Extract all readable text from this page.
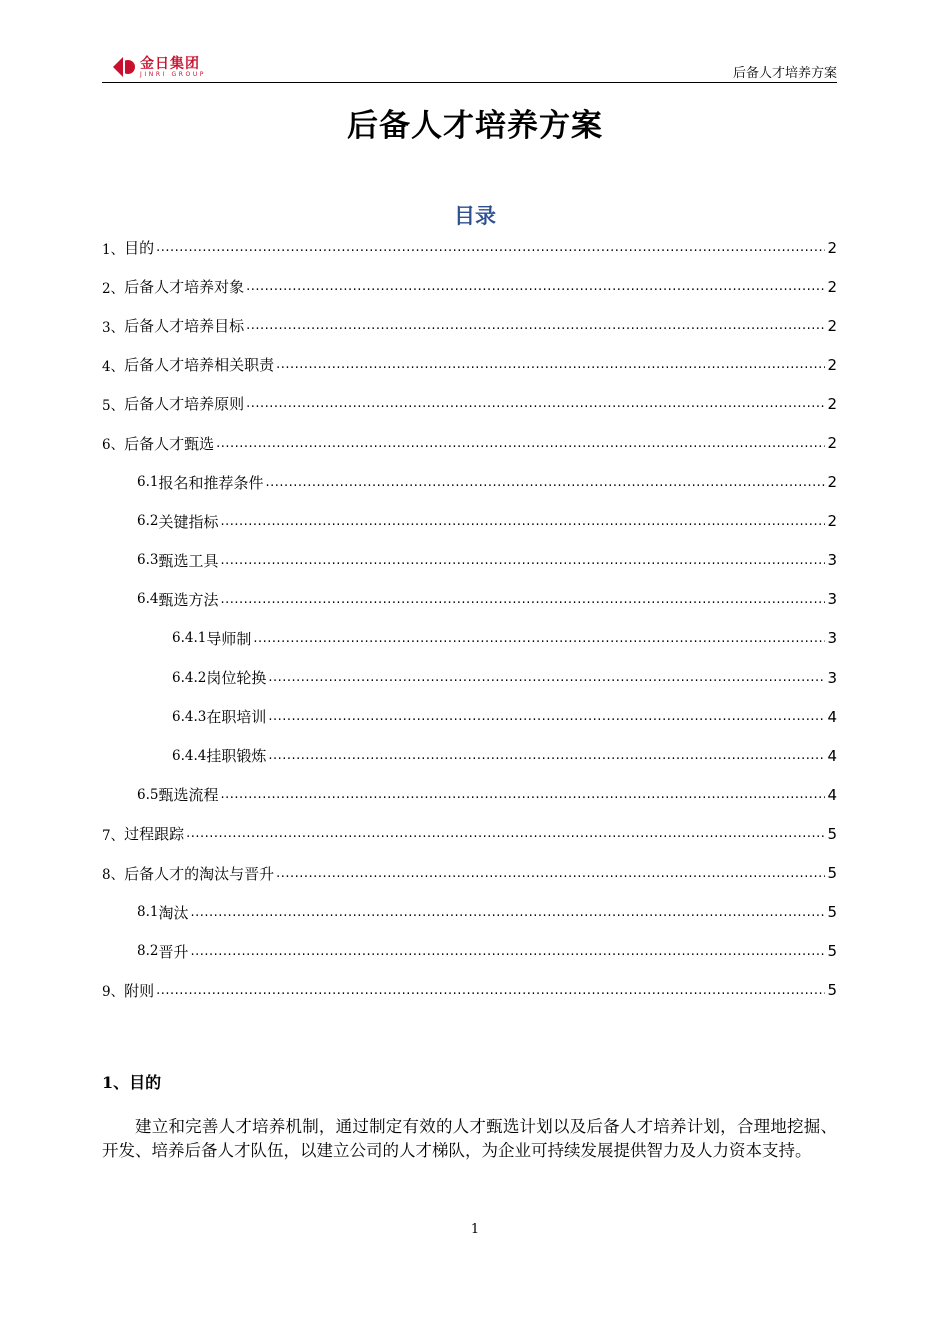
金日集团
JINRI GROUP	后备人才培养方案
后备人才培养方案
目录
1、 目的 .....	2
2、 后备人才培养对象 .....	2
3、 后备人才培养目标 .....	2
4、 后备人才培养相关职责 .....	2
5、 后备人才培养原则 .....	2
6、 后备人才甄选 .....	2
6.1 报名和推荐条件 .....	2
6.2 关键指标 .....	2
6.3 甄选工具 .....	3
6.4 甄选方法 .....	3
6.4.1 导师制 .....	3
6.4.2 岗位轮换 .....	3
6.4.3 在职培训 .....	4
6.4.4 挂职锻炼 .....	4
6.5 甄选流程 .....	4
7、 过程跟踪 .....	5
8、 后备人才的淘汰与晋升 .....	5
8.1 淘汰 .....	5
8.2 晋升 .....	5
9、 附则 .....	5
1、目的
建立和完善人才培养机制，通过制定有效的人才甄选计划以及后备人才培养计划，合理地挖掘、开发、培养后备人才队伍，以建立公司的人才梯队，为企业可持续发展提供智力及人力资本支持。
1
